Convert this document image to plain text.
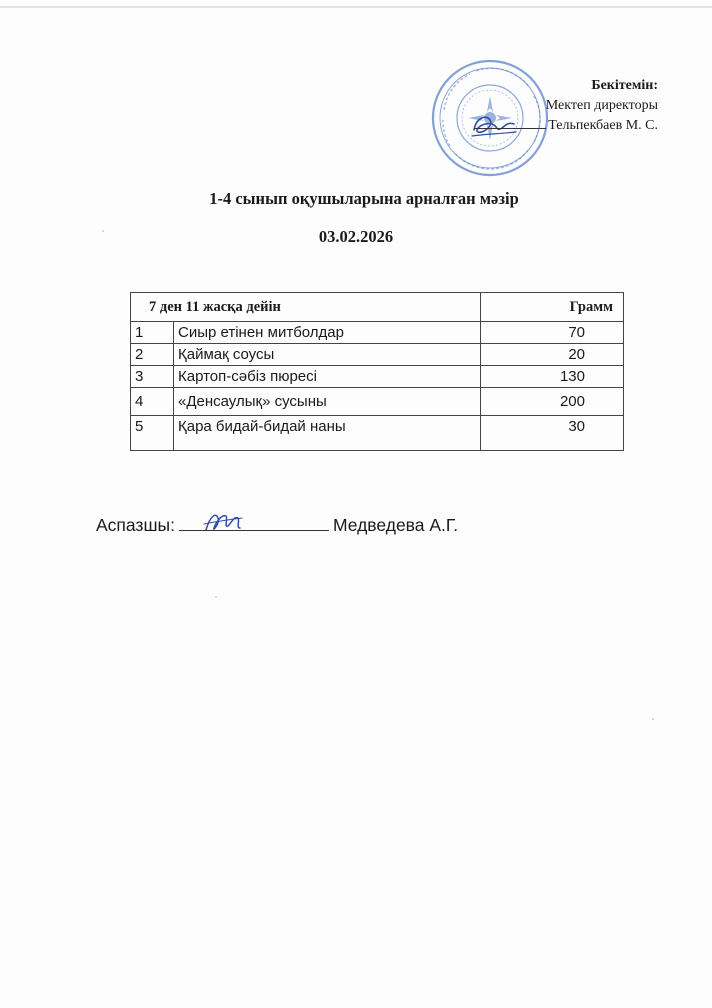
Бекітемін:
Мектеп директоры
Тельпекбаев М. С.
1-4 сынып оқушыларына арналған мәзір
03.02.2026
7 ден 11 жасқа дейін		Грамм
1	Сиыр етінен митболдар	70
2	Қаймақ соусы	20
3	Картоп-сәбіз пюресі	130
4	«Денсаулық» сусыны	200
5	Қара бидай-бидай наны	30
Аспазшы:	Медведева А.Г.
